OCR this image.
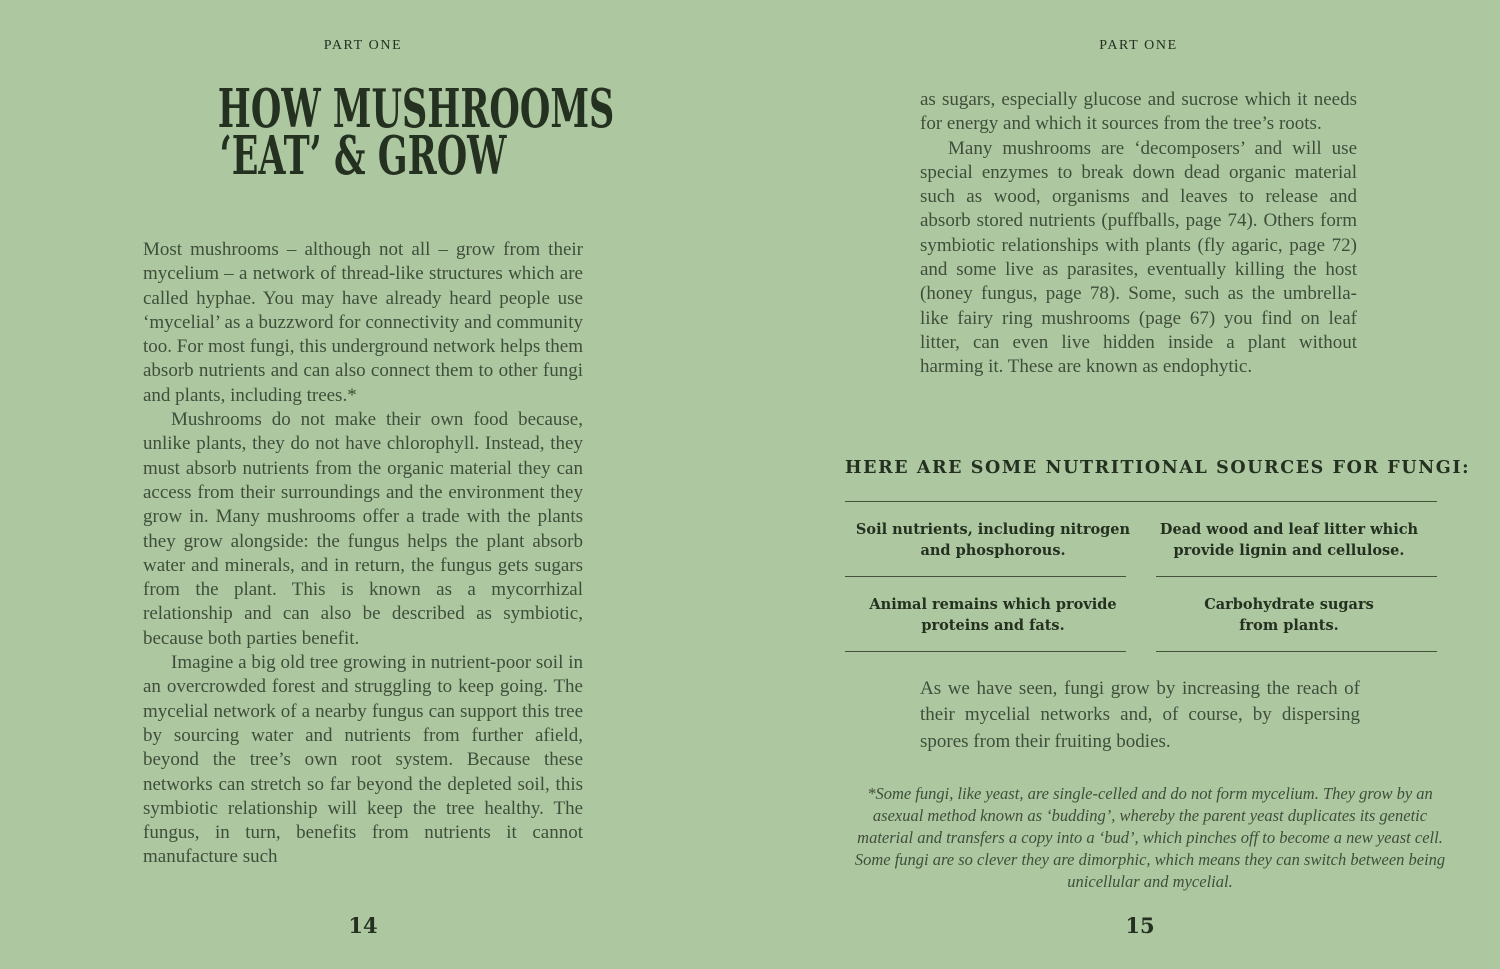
PART ONE
HOW MUSHROOMS
‘EAT’ & GROW

Most mushrooms – although not all – grow from their mycelium – a network of thread-like structures which are called hyphae. You may have already heard people use ‘mycelial’ as a buzzword for connectivity and community too. For most fungi, this underground network helps them absorb nutrients and can also connect them to other fungi and plants, including trees.*

Mushrooms do not make their own food because, unlike plants, they do not have chlorophyll. Instead, they must absorb nutrients from the organic material they can access from their surroundings and the environment they grow in. Many mushrooms offer a trade with the plants they grow alongside: the fungus helps the plant absorb water and minerals, and in return, the fungus gets sugars from the plant. This is known as a mycorrhizal relationship and can also be described as symbiotic, because both parties benefit.

Imagine a big old tree growing in nutrient-poor soil in an overcrowded forest and struggling to keep going. The mycelial network of a nearby fungus can support this tree by sourcing water and nutrients from further afield, beyond the tree’s own root system. Because these networks can stretch so far beyond the depleted soil, this symbiotic relationship will keep the tree healthy. The fungus, in turn, benefits from nutrients it cannot manufacture such

14
PART ONE

as sugars, especially glucose and sucrose which it needs for energy and which it sources from the tree’s roots.

Many mushrooms are ‘decomposers’ and will use special enzymes to break down dead organic material such as wood, organisms and leaves to release and absorb stored nutrients (puffballs, page 74). Others form symbiotic relationships with plants (fly agaric, page 72) and some live as parasites, eventually killing the host (honey fungus, page 78). Some, such as the umbrella-like fairy ring mushrooms (page 67) you find on leaf litter, can even live hidden inside a plant without harming it. These are known as endophytic.

HERE ARE SOME NUTRITIONAL SOURCES FOR FUNGI:
Soil nutrients, including nitrogen and phosphorous.
Dead wood and leaf litter which provide lignin and cellulose.
Animal remains which provide proteins and fats.
Carbohydrate sugars from plants.

As we have seen, fungi grow by increasing the reach of their mycelial networks and, of course, by dispersing spores from their fruiting bodies.

*Some fungi, like yeast, are single-celled and do not form mycelium. They grow by an asexual method known as ‘budding’, whereby the parent yeast duplicates its genetic material and transfers a copy into a ‘bud’, which pinches off to become a new yeast cell. Some fungi are so clever they are dimorphic, which means they can switch between being unicellular and mycelial.

15
